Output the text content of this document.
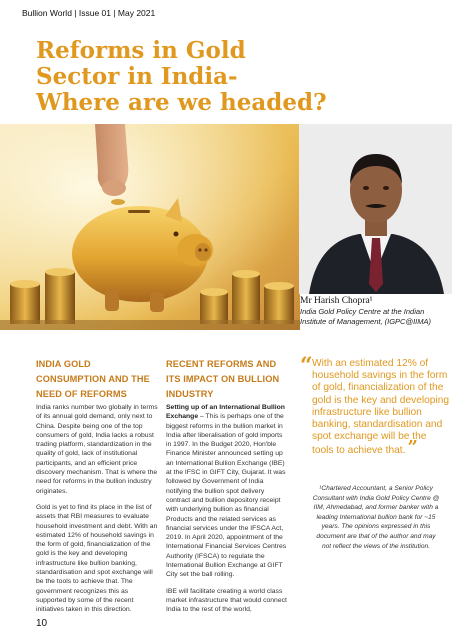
Bullion World | Issue 01 | May 2021
Reforms in Gold
Sector in India-
Where are we headed?
Mr Harish Chopra¹
India Gold Policy Centre at the Indian Institute of Management, (IGPC@IIMA)
INDIA GOLD CONSUMPTION AND THE NEED OF REFORMS

India ranks number two globally in terms of its annual gold demand, only next to China. Despite being one of the top consumers of gold, India lacks a robust trading platform, standardization in the quality of gold, lack of institutional participants, and an efficient price discovery mechanism. That is where the need for reforms in the bullion industry originates.

Gold is yet to find its place in the list of assets that RBI measures to evaluate household investment and debt. With an estimated 12% of household savings in the form of gold, financialization of the gold is the key and developing infrastructure like bullion banking, standardisation and spot exchange will be the tools to achieve that. The government recognizes this as supported by some of the recent initiatives taken in this direction.

RECENT REFORMS AND ITS IMPACT ON BULLION INDUSTRY

Setting up of an International Bullion Exchange – This is perhaps one of the biggest reforms in the bullion market in India after liberalisation of gold imports in 1997. In the Budget 2020, Hon'ble Finance Minister announced setting up an International Bullion Exchange (IBE) at the IFSC in GIFT City, Gujarat. It was followed by Government of India notifying the bullion spot delivery contract and bullion depository receipt with underlying bullion as financial Products and the related services as financial services under the IFSCA Act, 2019. In April 2020, appointment of the International Financial Services Centres Authority (IFSCA) to regulate the International Bullion Exchange at GIFT City set the ball rolling.

IBE will facilitate creating a world class market infrastructure that would connect India to the rest of the world,

“ With an estimated 12% of household savings in the form of gold, financialization of the gold is the key and developing infrastructure like bullion banking, standardisation and spot exchange will be the tools to achieve that. ”
¹Chartered Accountant, a Senior Policy Consultant with India Gold Policy Centre @ IIM, Ahmedabad, and former banker with a leading International bullion bank for ~15 years. The opinions expressed in this document are that of the author and may not reflect the views of the institution.
10
